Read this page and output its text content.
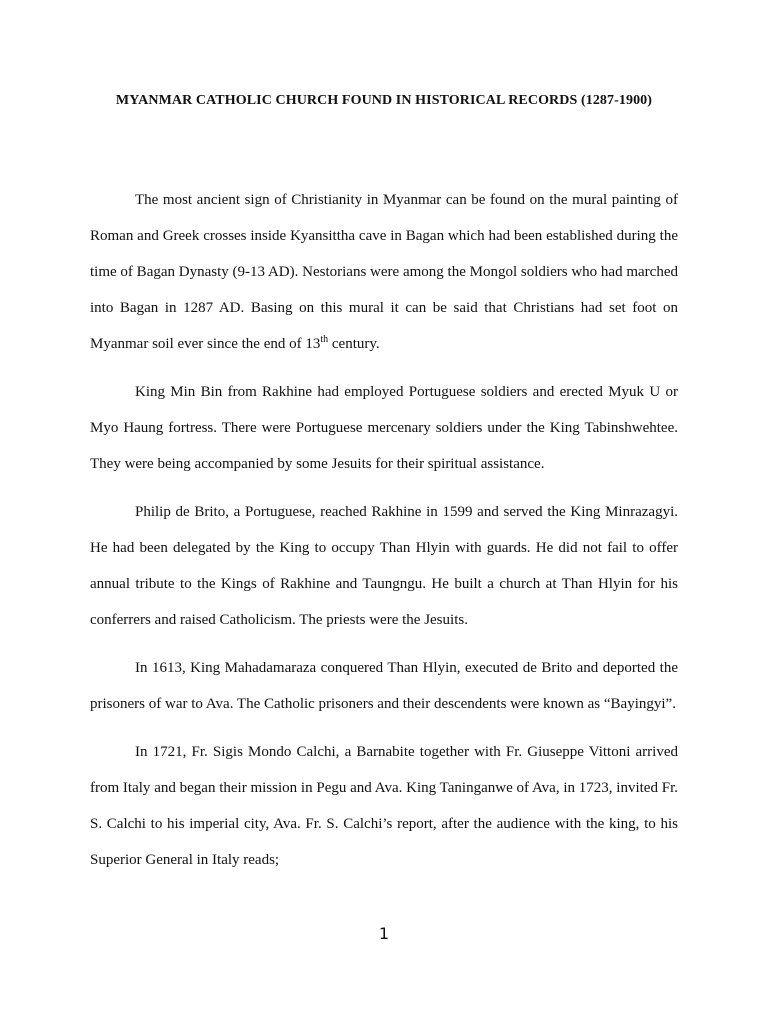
MYANMAR CATHOLIC CHURCH FOUND IN HISTORICAL RECORDS (1287-1900)

The most ancient sign of Christianity in Myanmar can be found on the mural painting of Roman and Greek crosses inside Kyansittha cave in Bagan which had been established during the time of Bagan Dynasty (9-13 AD). Nestorians were among the Mongol soldiers who had marched into Bagan in 1287 AD. Basing on this mural it can be said that Christians had set foot on Myanmar soil ever since the end of 13th century.

King Min Bin from Rakhine had employed Portuguese soldiers and erected Myuk U or Myo Haung fortress. There were Portuguese mercenary soldiers under the King Tabinshwehtee. They were being accompanied by some Jesuits for their spiritual assistance.

Philip de Brito, a Portuguese, reached Rakhine in 1599 and served the King Minrazagyi. He had been delegated by the King to occupy Than Hlyin with guards. He did not fail to offer annual tribute to the Kings of Rakhine and Taungngu. He built a church at Than Hlyin for his conferrers and raised Catholicism. The priests were the Jesuits.

In 1613, King Mahadamaraza conquered Than Hlyin, executed de Brito and deported the prisoners of war to Ava. The Catholic prisoners and their descendents were known as “Bayingyi”.

In 1721, Fr. Sigis Mondo Calchi, a Barnabite together with Fr. Giuseppe Vittoni arrived from Italy and began their mission in Pegu and Ava. King Taninganwe of Ava, in 1723, invited Fr. S. Calchi to his imperial city, Ava. Fr. S. Calchi’s report, after the audience with the king, to his Superior General in Italy reads;

1
